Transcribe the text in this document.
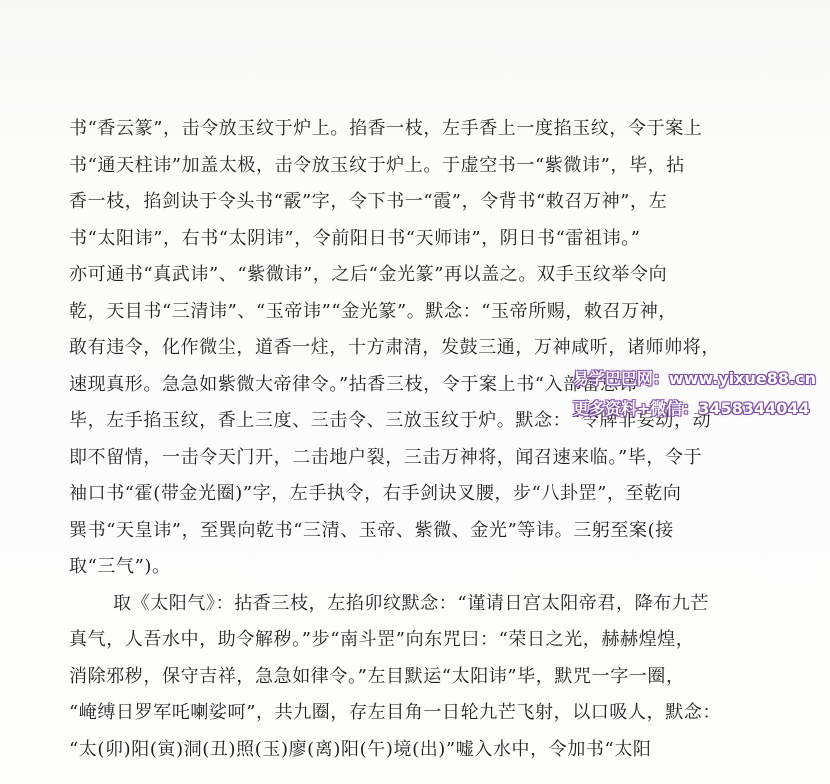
书“香云篆”，击令放玉纹于炉上。掐香一枝，左手香上一度掐玉纹，令于案上
书“通天柱讳”加盖太极，击令放玉纹于炉上。于虚空书一“紫微讳”，毕，拈
香一枝，掐剑诀于令头书“霰”字，令下书一“霞”，令背书“敕召万神”，左
书“太阳讳”，右书“太阴讳”，令前阳日书“天师讳”，阴日书“雷祖讳。”
亦可通书“真武讳”、“紫微讳”，之后“金光篆”再以盖之。双手玉纹举令向
乾，天目书“三清讳”、“玉帝讳”“金光篆”。默念：“玉帝所赐，敕召万神，
敢有违令，化作微尘，道香一炷，十方肃清，发鼓三通，万神咸听，诸师帅将，
速现真形。急急如紫微大帝律令。”拈香三枝，令于案上书“入部雷总讳”
毕，左手掐玉纹，香上三度、三击令、三放玉纹于炉。默念：“令牌非妄动，动
即不留情，一击令天门开，二击地户裂，三击万神将，闻召速来临。”毕，令于
袖口书“霍(带金光圈)”字，左手执令，右手剑诀叉腰，步“八卦罡”，至乾向
巽书“天皇讳”，至巽向乾书“三清、玉帝、紫微、金光”等讳。三躬至案(接
取“三气”)。
取《太阳气》：拈香三枝，左掐卯纹默念：“谨请日宫太阳帝君，降布九芒
真气，人吾水中，助令解秽。”步“南斗罡”向东咒曰：“荣日之光，赫赫煌煌，
消除邪秽，保守吉祥，急急如律令。”左目默运“太阳讳”毕，默咒一字一圈，
“崦缚日罗军吒喇娑呵”，共九圈，存左目角一日轮九芒飞射，以口吸人，默念：
“太(卯)阳(寅)洞(丑)照(玉)廖(离)阳(午)境(出)”嘘入水中，令加书“太阳
易学巴巴网：www.yixue88.cn
更多资料+微信：3458344044
